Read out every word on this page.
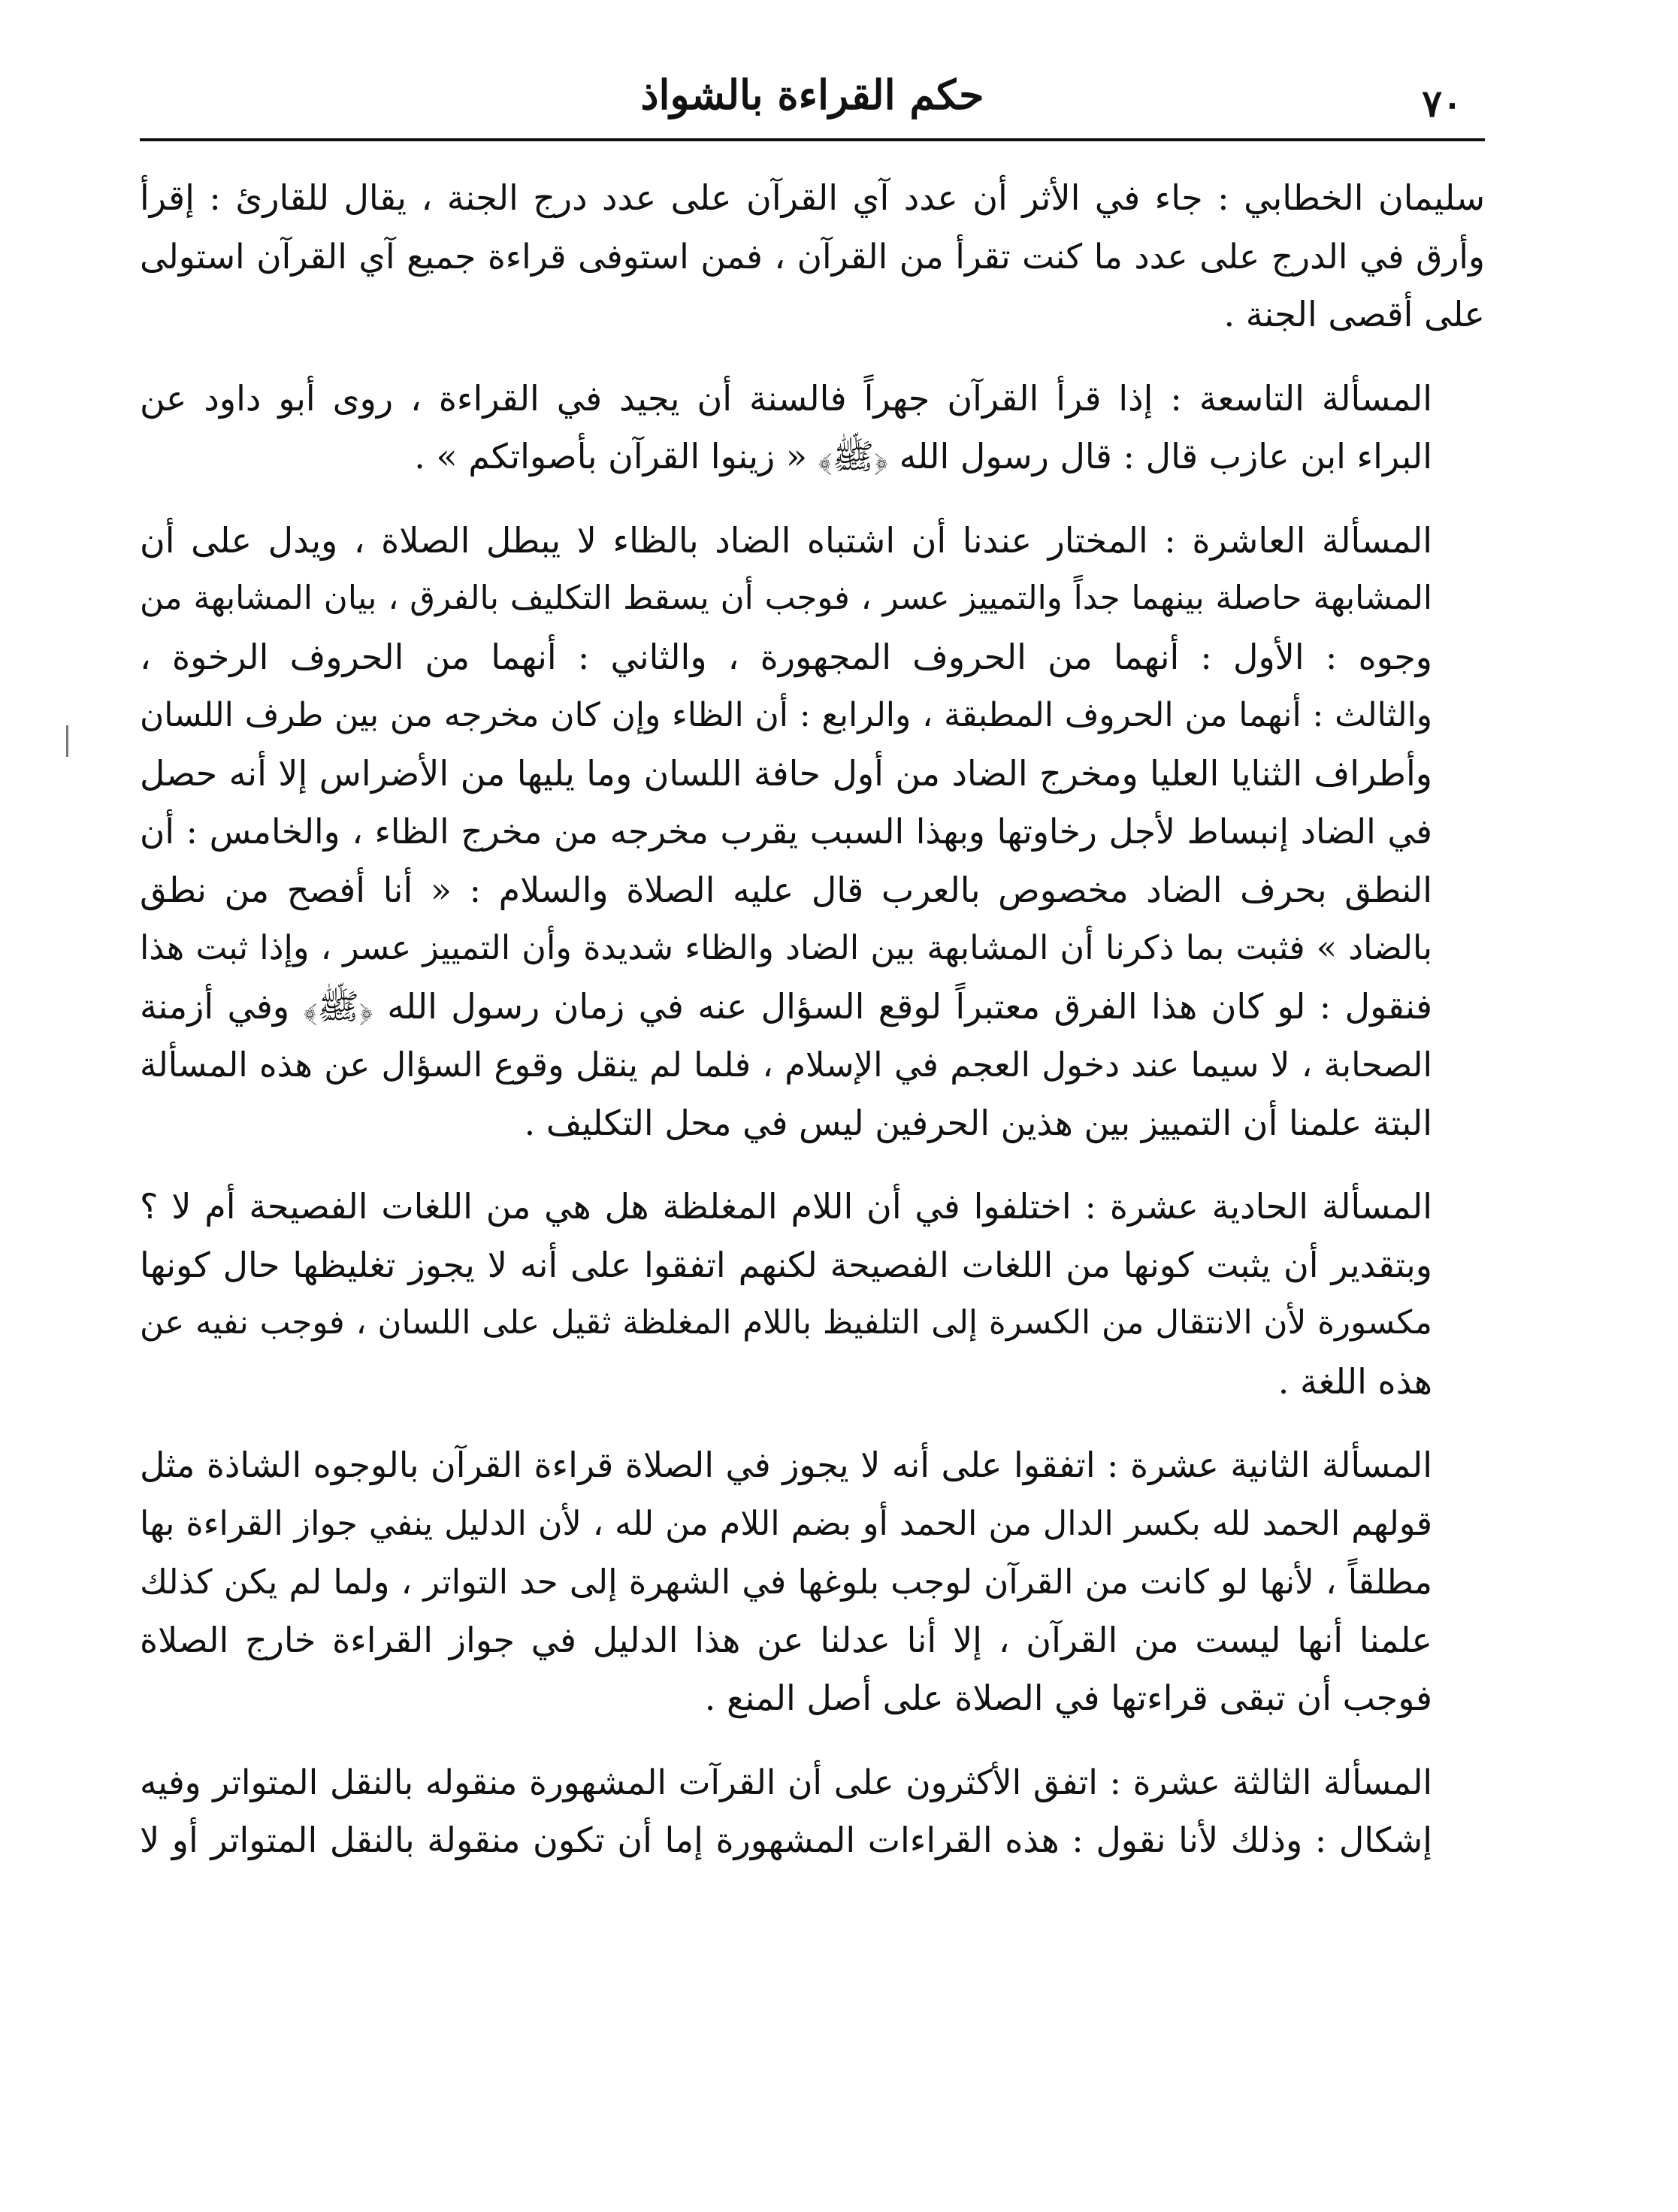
حكم القراءة بالشواذ	٧٠

سليمان الخطابي : جاء في الأثر أن عدد آي القرآن على عدد درج الجنة ، يقال للقارئ : إقرأ
وأرق في الدرج على عدد ما كنت تقرأ من القرآن ، فمن استوفى قراءة جميع آي القرآن استولى
على أقصى الجنة .

المسألة التاسعة : إذا قرأ القرآن جهراً فالسنة أن يجيد في القراءة ، روى أبو داود عن
البراء ابن عازب قال : قال رسول الله ﴿ﷺ﴾ « زينوا القرآن بأصواتكم » .

المسألة العاشرة : المختار عندنا أن اشتباه الضاد بالظاء لا يبطل الصلاة ، ويدل على أن
المشابهة حاصلة بينهما جداً والتمييز عسر ، فوجب أن يسقط التكليف بالفرق ، بيان المشابهة من
وجوه : الأول : أنهما من الحروف المجهورة ، والثاني : أنهما من الحروف الرخوة ،
والثالث : أنهما من الحروف المطبقة ، والرابع : أن الظاء وإن كان مخرجه من بين طرف اللسان
وأطراف الثنايا العليا ومخرج الضاد من أول حافة اللسان وما يليها من الأضراس إلا أنه حصل
في الضاد إنبساط لأجل رخاوتها وبهذا السبب يقرب مخرجه من مخرج الظاء ، والخامس : أن
النطق بحرف الضاد مخصوص بالعرب قال عليه الصلاة والسلام : « أنا أفصح من نطق
بالضاد » فثبت بما ذكرنا أن المشابهة بين الضاد والظاء شديدة وأن التمييز عسر ، وإذا ثبت هذا
فنقول : لو كان هذا الفرق معتبراً لوقع السؤال عنه في زمان رسول الله ﴿ﷺ﴾ وفي أزمنة
الصحابة ، لا سيما عند دخول العجم في الإسلام ، فلما لم ينقل وقوع السؤال عن هذه المسألة
البتة علمنا أن التمييز بين هذين الحرفين ليس في محل التكليف .

المسألة الحادية عشرة : اختلفوا في أن اللام المغلظة هل هي من اللغات الفصيحة أم لا ؟
وبتقدير أن يثبت كونها من اللغات الفصيحة لكنهم اتفقوا على أنه لا يجوز تغليظها حال كونها
مكسورة لأن الانتقال من الكسرة إلى التلفيظ باللام المغلظة ثقيل على اللسان ، فوجب نفيه عن
هذه اللغة .

المسألة الثانية عشرة : اتفقوا على أنه لا يجوز في الصلاة قراءة القرآن بالوجوه الشاذة مثل
قولهم الحمد لله بكسر الدال من الحمد أو بضم اللام من لله ، لأن الدليل ينفي جواز القراءة بها
مطلقاً ، لأنها لو كانت من القرآن لوجب بلوغها في الشهرة إلى حد التواتر ، ولما لم يكن كذلك
علمنا أنها ليست من القرآن ، إلا أنا عدلنا عن هذا الدليل في جواز القراءة خارج الصلاة
فوجب أن تبقى قراءتها في الصلاة على أصل المنع .

المسألة الثالثة عشرة : اتفق الأكثرون على أن القرآت المشهورة منقوله بالنقل المتواتر وفيه
إشكال : وذلك لأنا نقول : هذه القراءات المشهورة إما أن تكون منقولة بالنقل المتواتر أو لا
